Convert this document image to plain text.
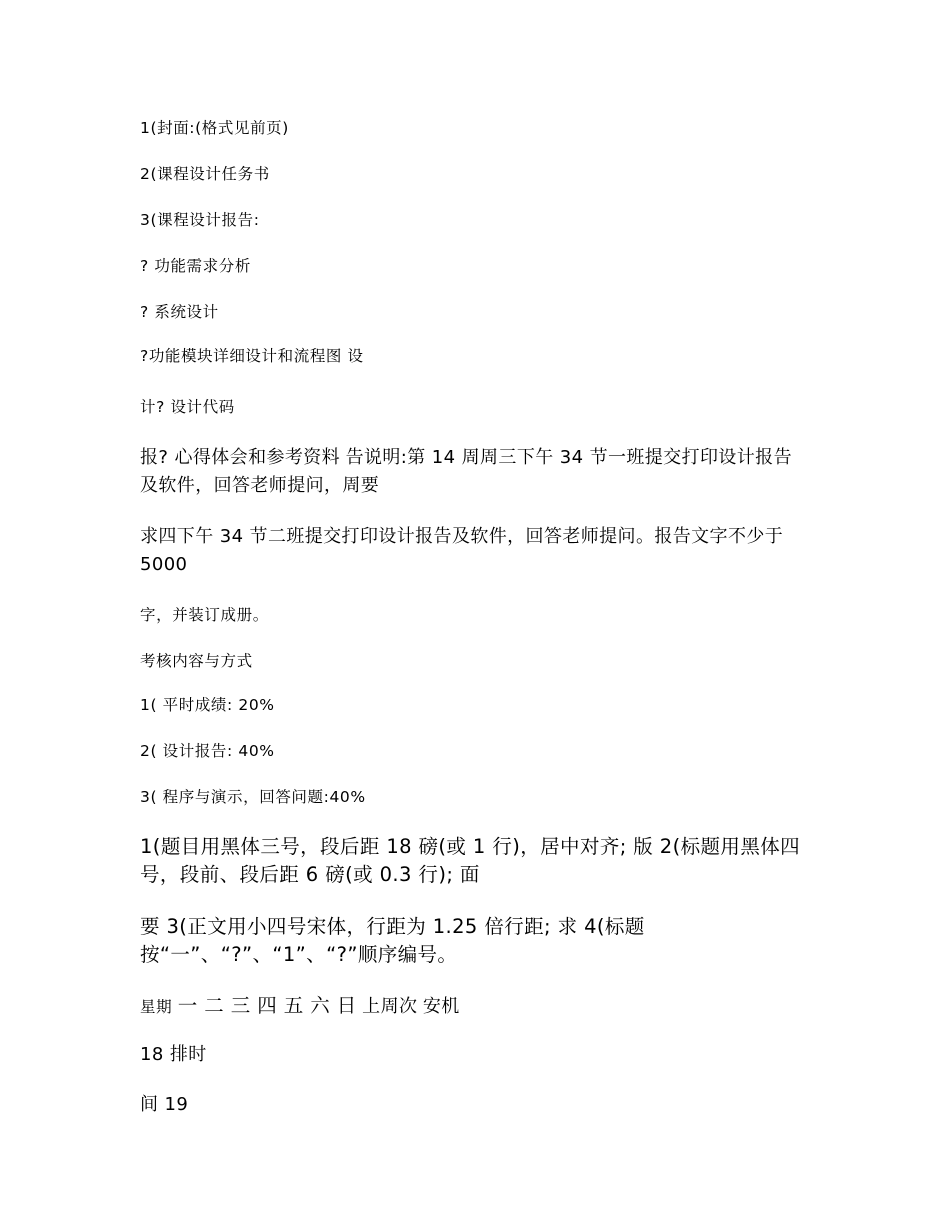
1(封面:(格式见前页)

2(课程设计任务书

3(课程设计报告:

? 功能需求分析

? 系统设计

?功能模块详细设计和流程图 设

计? 设计代码

报? 心得体会和参考资料 告说明:第 14 周周三下午 34 节一班提交打印设计报告及软件，回答老师提问，周要

求四下午 34 节二班提交打印设计报告及软件，回答老师提问。报告文字不少于 5000

字，并装订成册。

考核内容与方式

1( 平时成绩: 20%

2( 设计报告: 40%

3( 程序与演示，回答问题:40%

1(题目用黑体三号，段后距 18 磅(或 1 行)，居中对齐; 版 2(标题用黑体四号，段前、段后距 6 磅(或 0.3 行); 面

要 3(正文用小四号宋体，行距为 1.25 倍行距; 求 4(标题按“一”、“?”、“1”、“?”顺序编号。

星期 一 二 三 四 五 六 日 上周次 安机

18 排时

间 19
